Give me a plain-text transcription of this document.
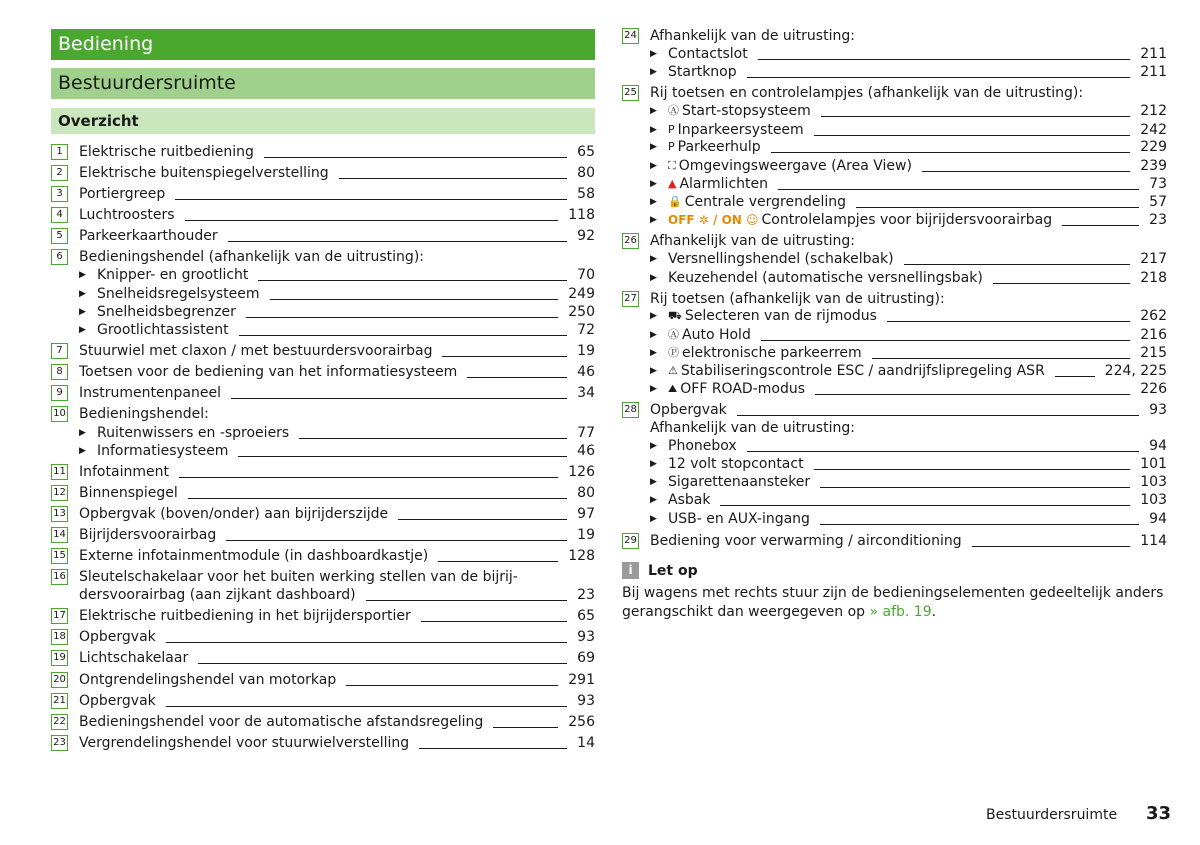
Bediening
Bestuurdersruimte
Overzicht
1	Elektrische ruitbediening	65
2	Elektrische buitenspiegelverstelling	80
3	Portiergreep	58
4	Luchtroosters	118
5	Parkeerkaarthouder	92
6	Bedieningshendel (afhankelijk van de uitrusting):
▶ Knipper- en grootlicht	70
▶ Snelheidsregelsysteem	249
▶ Snelheidsbegrenzer	250
▶ Grootlichtassistent	72
7	Stuurwiel met claxon / met bestuurdersvoorairbag	19
8	Toetsen voor de bediening van het informatiesysteem	46
9	Instrumentenpaneel	34
10 Bedieningshendel:
▶ Ruitenwissers en -sproeiers	77
▶ Informatiesysteem	46
11 Infotainment	126
12 Binnenspiegel	80
13 Opbergvak (boven/onder) aan bijrijderszijde	97
14 Bijrijdersvoorairbag	19
15 Externe infotainmentmodule (in dashboardkastje)	128
16 Sleutelschakelaar voor het buiten werking stellen van de bijrij-
dersvoorairbag (aan zijkant dashboard)	23
17 Elektrische ruitbediening in het bijrijdersportier	65
18 Opbergvak	93
19 Lichtschakelaar	69
20 Ontgrendelingshendel van motorkap	291
21 Opbergvak	93
22 Bedieningshendel voor de automatische afstandsregeling	256
23 Vergrendelingshendel voor stuurwielverstelling	14
24 Afhankelijk van de uitrusting:
▶ Contactslot	211
▶ Startknop	211
25 Rij toetsen en controlelampjes (afhankelijk van de uitrusting):
▶	Ⓐ Start-stopsysteem	212
▶	P Inparkeersysteem	242
▶	P Parkeerhulp	229
▶	⛶ Omgevingsweergave (Area View)	239
▶	▲ Alarmlichten	73
▶	🔒 Centrale vergrendeling	57
▶ OFF ✲ / ON ☺ Controlelampjes voor bijrijdersvoorairbag	23
26 Afhankelijk van de uitrusting:
▶ Versnellingshendel (schakelbak)	217
▶ Keuzehendel (automatische versnellingsbak)	218
27 Rij toetsen (afhankelijk van de uitrusting):
▶	⛟ Selecteren van de rijmodus	262
▶	Ⓐ Auto Hold	216
▶	Ⓟ elektronische parkeerrem	215
▶	⚠ Stabiliseringscontrole ESC / aandrijfslipregeling ASR	224, 225
▶	⛰ OFF ROAD-modus	226
28 Opbergvak	93
Afhankelijk van de uitrusting:
▶ Phonebox	94
▶ 12 volt stopcontact	101
▶ Sigarettenaansteker	103
▶ Asbak	103
▶ USB- en AUX-ingang	94
29 Bediening voor verwarming / airconditioning	114
i	Let op
Bij wagens met rechts stuur zijn de bedieningselementen gedeeltelijk anders gerangschikt dan weergegeven op » afb. 19.
Bestuurdersruimte 33
